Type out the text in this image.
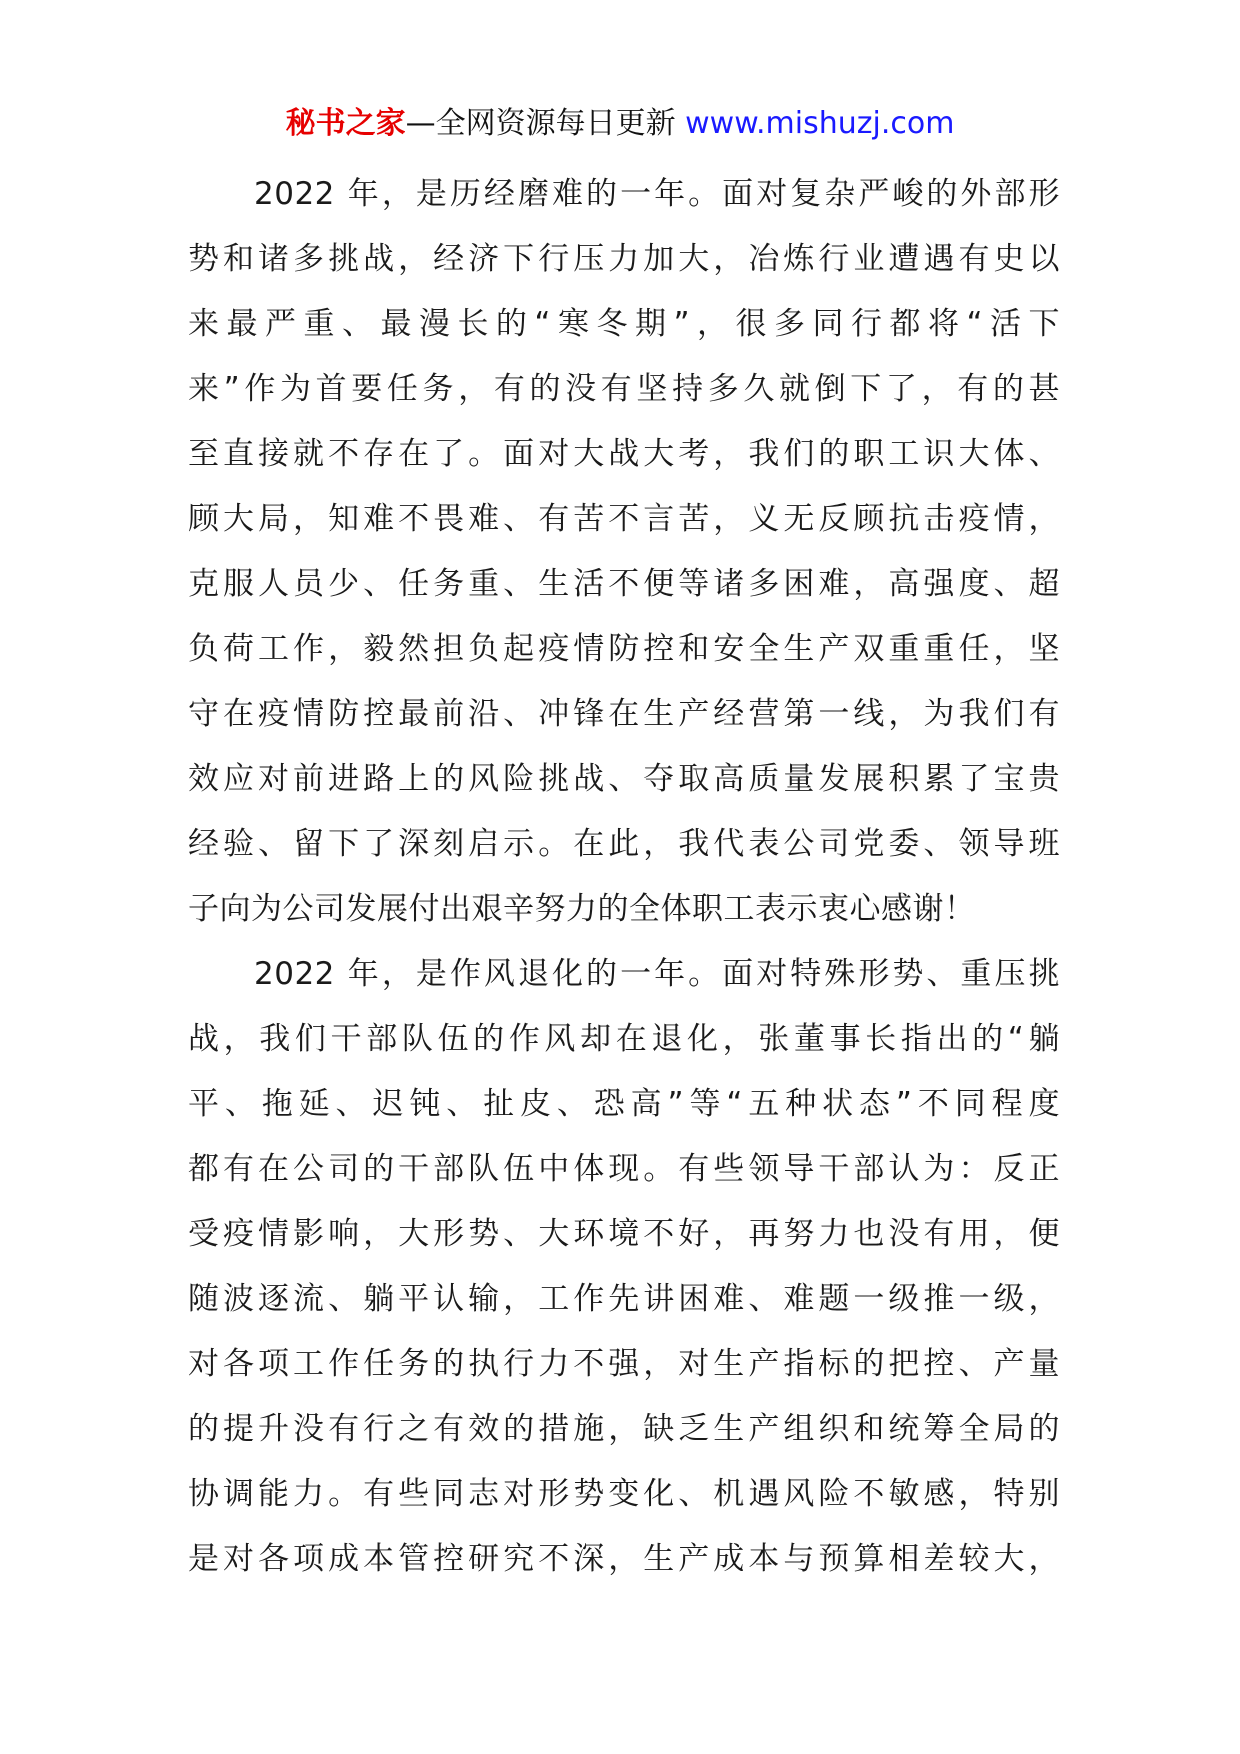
秘书之家—全网资源每日更新 www.mishuzj.com
2022 年，是历经磨难的一年。面对复杂严峻的外部形
势和诸多挑战，经济下行压力加大，冶炼行业遭遇有史以
来最严重、最漫长的“寒冬期”，很多同行都将“活下
来”作为首要任务，有的没有坚持多久就倒下了，有的甚
至直接就不存在了。面对大战大考，我们的职工识大体、
顾大局，知难不畏难、有苦不言苦，义无反顾抗击疫情，
克服人员少、任务重、生活不便等诸多困难，高强度、超
负荷工作，毅然担负起疫情防控和安全生产双重重任，坚
守在疫情防控最前沿、冲锋在生产经营第一线，为我们有
效应对前进路上的风险挑战、夺取高质量发展积累了宝贵
经验、留下了深刻启示。在此，我代表公司党委、领导班
子向为公司发展付出艰辛努力的全体职工表示衷心感谢！
2022 年，是作风退化的一年。面对特殊形势、重压挑
战，我们干部队伍的作风却在退化，张董事长指出的“躺
平、拖延、迟钝、扯皮、恐高”等“五种状态”不同程度
都有在公司的干部队伍中体现。有些领导干部认为：反正
受疫情影响，大形势、大环境不好，再努力也没有用，便
随波逐流、躺平认输，工作先讲困难、难题一级推一级，
对各项工作任务的执行力不强，对生产指标的把控、产量
的提升没有行之有效的措施，缺乏生产组织和统筹全局的
协调能力。有些同志对形势变化、机遇风险不敏感，特别
是对各项成本管控研究不深，生产成本与预算相差较大，
